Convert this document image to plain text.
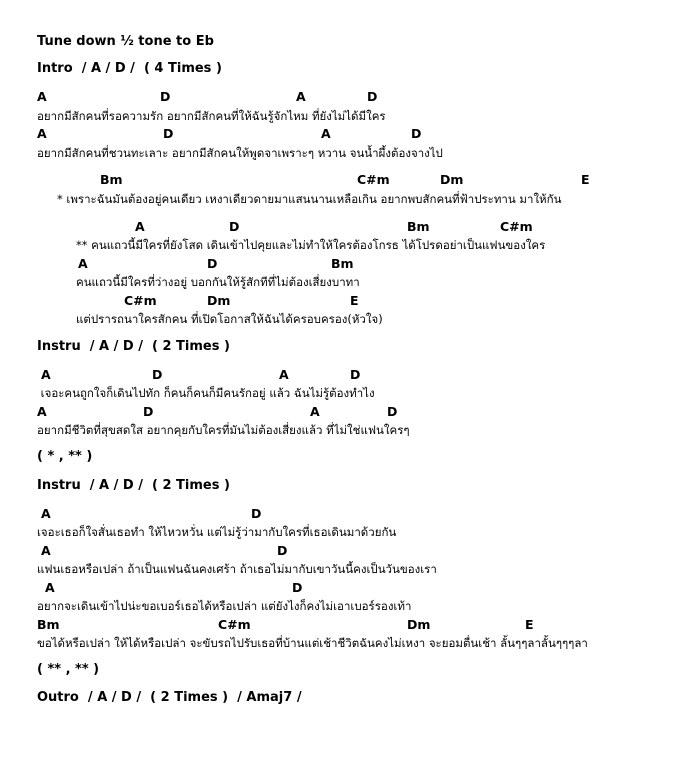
Tune down ½ tone to Eb
Intro  / A / D /  ( 4 Times )

A

	D

	A

	D

อยากมีสักคนที่รอความรัก อยากมีสักคนที่ให้ฉันรู้จักไหม ที่ยังไม่ได้มีใคร

A

	D

	A

	D

อยากมีสักคนที่ชวนทะเลาะ อยากมีสักคนให้พูดจาเพราะๆ หวาน จนน้ำผึ้งต้องจางไป

Bm

	C#m

	Dm

	E

* เพราะฉันมันต้องอยู่คนเดียว เหงาเดียวดายมาแสนนานเหลือเกิน อยากพบสักคนที่ฟ้าประทาน มาให้กัน

A

	D

	Bm

	C#m

** คนแถวนี้มีใครที่ยังโสด เดินเข้าไปคุยและไม่ทำให้ใครต้องโกรธ ได้โปรดอย่าเป็นแฟนของใคร

A

	D

	Bm

คนแถวนี้มีใครที่ว่างอยู่ บอกกันให้รู้สักทีที่ไม่ต้องเสี่ยงบาทา

C#m

	Dm

	E

แต่ปรารถนาใครสักคน ที่เปิดโอกาสให้ฉันได้ครอบครอง(หัวใจ)
Instru  / A / D /  ( 2 Times )

A

	D

	A

	D

เจอะคนถูกใจก็เดินไปทัก ก็คนก็คนก็มีคนรักอยู่ แล้ว ฉันไม่รู้ต้องทำไง

A

	D

	A

	D

อยากมีชีวิตที่สุขสดใส อยากคุยกับใครที่มันไม่ต้องเสี่ยงแล้ว ที่ไม่ใช่แฟนใครๆ
( * , ** )
Instru  / A / D /  ( 2 Times )

A

	D

เจอะเธอก็ใจสั่นเธอทำ ให้ไหวหวั่น แต่ไม่รู้ว่ามากับใครที่เธอเดินมาด้วยกัน

A

	D

แฟนเธอหรือเปล่า ถ้าเป็นแฟนฉันคงเศร้า ถ้าเธอไม่มากับเขาวันนี้คงเป็นวันของเรา

A

	D

อยากจะเดินเข้าไปน่ะขอเบอร์เธอได้หรือเปล่า แต่ยังไงก็คงไม่เอาเบอร์รองเท้า

Bm

	C#m

	Dm

	E

ขอได้หรือเปล่า ให้ได้หรือเปล่า จะขับรถไปรับเธอที่บ้านแต่เช้าชีวิตฉันคงไม่เหงา จะยอมตื่นเช้า ลั้นๆๆลาลั้นๆๆๆลา
( ** , ** )
Outro  / A / D /  ( 2 Times )  / Amaj7 /
